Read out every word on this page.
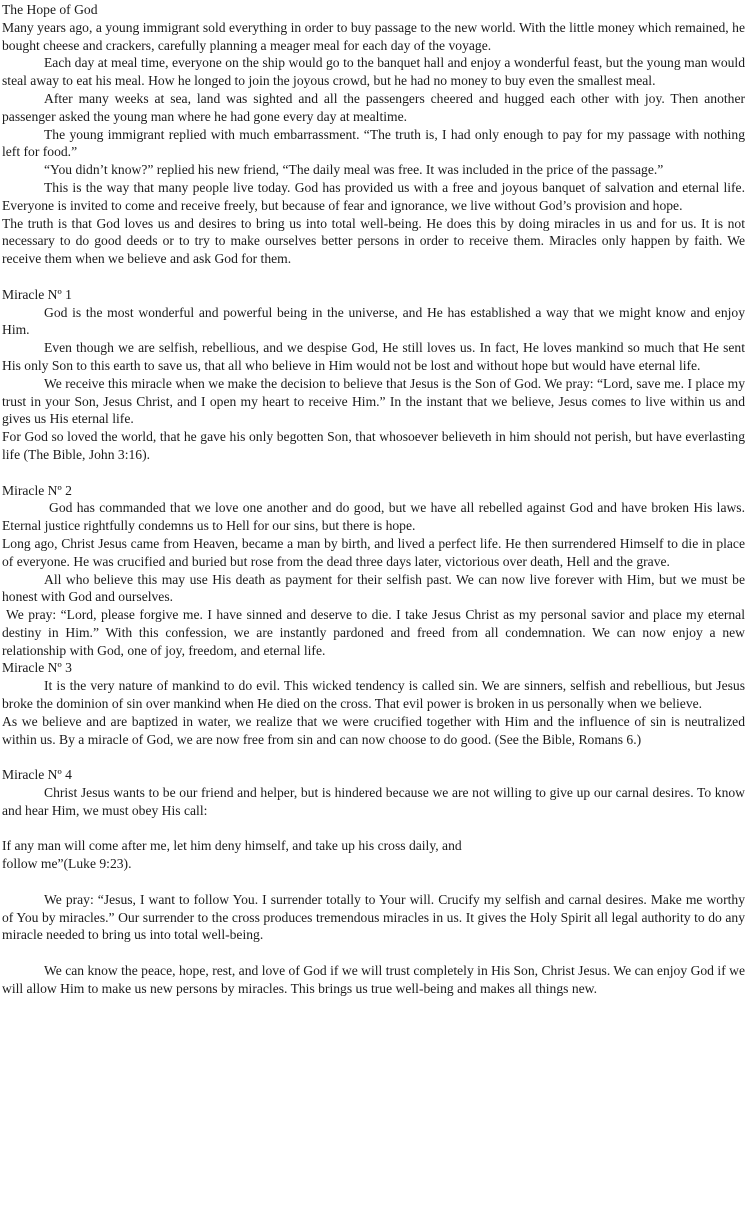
The Hope of God

Many years ago, a young immigrant sold everything in order to buy passage to the new world. With the little money which remained, he bought cheese and crackers, carefully planning a meager meal for each day of the voyage.

Each day at meal time, everyone on the ship would go to the banquet hall and enjoy a wonderful feast, but the young man would steal away to eat his meal. How he longed to join the joyous crowd, but he had no money to buy even the smallest meal.

After many weeks at sea, land was sighted and all the passengers cheered and hugged each other with joy. Then another passenger asked the young man where he had gone every day at mealtime.

The young immigrant replied with much embarrassment. “The truth is, I had only enough to pay for my passage with nothing left for food.”

“You didn’t know?” replied his new friend, “The daily meal was free. It was included in the price of the passage.”

This is the way that many people live today. God has provided us with a free and joyous banquet of salvation and eternal life. Everyone is invited to come and receive freely, but because of fear and ignorance, we live without God’s provision and hope.

The truth is that God loves us and desires to bring us into total well-being. He does this by doing miracles in us and for us. It is not necessary to do good deeds or to try to make ourselves better persons in order to receive them. Miracles only happen by faith. We receive them when we believe and ask God for them.

Miracle Nº 1

God is the most wonderful and powerful being in the universe, and He has established a way that we might know and enjoy Him.

Even though we are selfish, rebellious, and we despise God, He still loves us. In fact, He loves mankind so much that He sent His only Son to this earth to save us, that all who believe in Him would not be lost and without hope but would have eternal life.

We receive this miracle when we make the decision to believe that Jesus is the Son of God. We pray: “Lord, save me. I place my trust in your Son, Jesus Christ, and I open my heart to receive Him.” In the instant that we believe, Jesus comes to live within us and gives us His eternal life.

For God so loved the world, that he gave his only begotten Son, that whosoever believeth in him should not perish, but have everlasting life (The Bible, John 3:16).

Miracle Nº 2

God has commanded that we love one another and do good, but we have all rebelled against God and have broken His laws. Eternal justice rightfully condemns us to Hell for our sins, but there is hope.

Long ago, Christ Jesus came from Heaven, became a man by birth, and lived a perfect life. He then surrendered Himself to die in place of everyone. He was crucified and buried but rose from the dead three days later, victorious over death, Hell and the grave.

All who believe this may use His death as payment for their selfish past. We can now live forever with Him, but we must be honest with God and ourselves.

We pray: “Lord, please forgive me. I have sinned and deserve to die. I take Jesus Christ as my personal savior and place my eternal destiny in Him.” With this confession, we are instantly pardoned and freed from all condemnation. We can now enjoy a new relationship with God, one of joy, freedom, and eternal life.

Miracle Nº 3

It is the very nature of mankind to do evil. This wicked tendency is called sin. We are sinners, selfish and rebellious, but Jesus broke the dominion of sin over mankind when He died on the cross. That evil power is broken in us personally when we believe.

As we believe and are baptized in water, we realize that we were crucified together with Him and the influence of sin is neutralized within us. By a miracle of God, we are now free from sin and can now choose to do good. (See the Bible, Romans 6.)

Miracle Nº 4

Christ Jesus wants to be our friend and helper, but is hindered because we are not willing to give up our carnal desires. To know and hear Him, we must obey His call:

If any man will come after me, let him deny himself, and take up his cross daily, and

follow me”(Luke 9:23).

We pray: “Jesus, I want to follow You. I surrender totally to Your will. Crucify my selfish and carnal desires. Make me worthy of You by miracles.” Our surrender to the cross produces tremendous miracles in us. It gives the Holy Spirit all legal authority to do any miracle needed to bring us into total well-being.

We can know the peace, hope, rest, and love of God if we will trust completely in His Son, Christ Jesus. We can enjoy God if we will allow Him to make us new persons by miracles. This brings us true well-being and makes all things new.
